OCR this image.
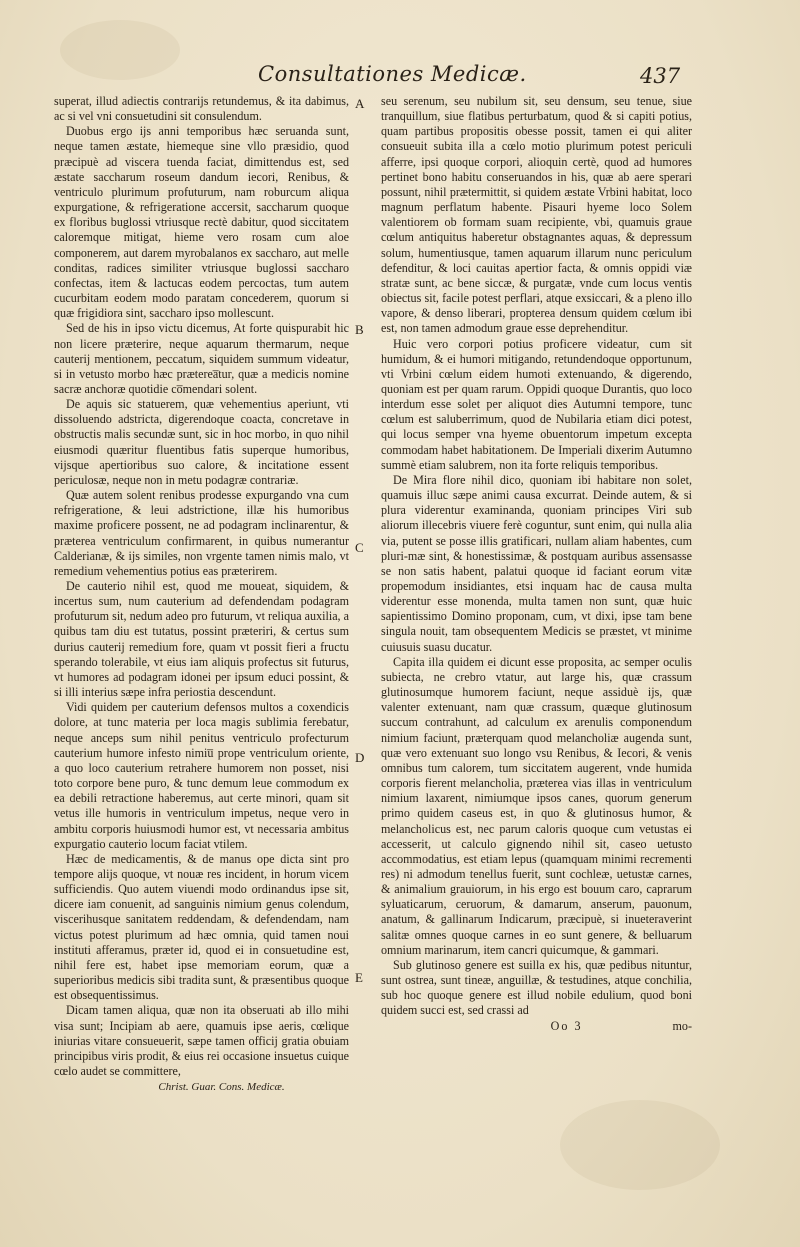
Consultationes Medicæ.	437
A
B
C
D
E

superat, illud adiectis contrarijs retundemus, & ita dabimus, ac si vel vni consuetudini sit consulendum.

Duobus ergo ijs anni temporibus hæc seruanda sunt, neque tamen æstate, hiemeque sine vllo præsidio, quod præcipuè ad viscera tuenda faciat, dimittendus est, sed æstate saccharum roseum dandum iecori, Renibus, & ventriculo plurimum profuturum, nam roburcum aliqua expurgatione, & refrigeratione accersit, saccharum quoque ex floribus buglossi vtriusque rectè dabitur, quod siccitatem caloremque mitigat, hieme vero rosam cum aloe componerem, aut darem myrobalanos ex saccharo, aut melle conditas, radices similiter vtriusque buglossi saccharo confectas, item & lactucas eodem percoctas, tum autem cucurbitam eodem modo paratam concederem, quorum si quæ frigidiora sint, saccharo ipso mollescunt.

Sed de his in ipso victu dicemus, At forte quispurabit hic non licere præterire, neque aquarum thermarum, neque cauterij mentionem, peccatum, siquidem summum videatur, si in vetusto morbo hæc præterea̅tur, quæ a medicis nomine sacræ anchoræ quotidie co̅mendari solent.

De aquis sic statuerem, quæ vehementius aperiunt, vti dissoluendo adstricta, digerendoque coacta, concretave in obstructis malis secundæ sunt, sic in hoc morbo, in quo nihil eiusmodi quæritur fluentibus fatis superque humoribus, vijsque apertioribus suo calore, & incitatione essent periculosæ, neque non in metu podagræ contrariæ.

Quæ autem solent renibus prodesse expurgando vna cum refrigeratione, & leui adstrictione, illæ his humoribus maxime proficere possent, ne ad podagram inclinarentur, & præterea ventriculum confirmarent, in quibus numerantur Calderianæ, & ijs similes, non vrgente tamen nimis malo, vt remedium vehementius potius eas præterirem.

De cauterio nihil est, quod me moueat, siquidem, & incertus sum, num cauterium ad defendendam podagram profuturum sit, nedum adeo pro futurum, vt reliqua auxilia, a quibus tam diu est tutatus, possint præteriri, & certus sum durius cauterij remedium fore, quam vt possit fieri a fructu sperando tolerabile, vt eius iam aliquis profectus sit futurus, vt humores ad podagram idonei per ipsum educi possint, & si illi interius sæpe infra periostia descendunt.

Vidi quidem per cauterium defensos multos a coxendicis dolore, at tunc materia per loca magis sublimia ferebatur, neque anceps sum nihil penitus ventriculo profecturum cauterium humore infesto nimiu̅ prope ventriculum oriente, a quo loco cauterium retrahere humorem non posset, nisi toto corpore bene puro, & tunc demum leue commodum ex ea debili retractione haberemus, aut certe minori, quam sit vetus ille humoris in ventriculum impetus, neque vero in ambitu corporis huiusmodi humor est, vt necessaria ambitus expurgatio cauterio locum faciat vtilem.

Hæc de medicamentis, & de manus ope dicta sint pro tempore alijs quoque, vt nouæ res incident, in horum vicem sufficiendis. Quo autem viuendi modo ordinandus ipse sit, dicere iam conuenit, ad sanguinis nimium genus colendum, viscerihusque sanitatem reddendam, & defendendam, nam victus potest plurimum ad hæc omnia, quid tamen noui instituti afferamus, præter id, quod ei in consuetudine est, nihil fere est, habet ipse memoriam eorum, quæ a superioribus medicis sibi tradita sunt, & præsentibus quoque est obsequentissimus.

Dicam tamen aliqua, quæ non ita obseruati ab illo mihi visa sunt; Incipiam ab aere, quamuis ipse aeris, cœlique iniurias vitare consueuerit, sæpe tamen officij gratia obuiam principibus viris prodit, & eius rei occasione insuetus cuique cœlo audet se committere,

Christ. Guar. Cons. Medicæ.

seu serenum, seu nubilum sit, seu densum, seu tenue, siue tranquillum, siue flatibus perturbatum, quod & si capiti potius, quam partibus propositis obesse possit, tamen ei qui aliter consueuit subita illa a cœlo motio plurimum potest periculi afferre, ipsi quoque corpori, alioquin certè, quod ad humores pertinet bono habitu conseruandos in his, quæ ab aere sperari possunt, nihil prætermittit, si quidem æstate Vrbini habitat, loco magnum perflatum habente. Pisauri hyeme loco Solem valentiorem ob formam suam recipiente, vbi, quamuis graue cœlum antiquitus haberetur obstagnantes aquas, & depressum solum, humentiusque, tamen aquarum illarum nunc periculum defenditur, & loci cauitas apertior facta, & omnis oppidi viæ stratæ sunt, ac bene siccæ, & purgatæ, vnde cum locus ventis obiectus sit, facile potest perflari, atque exsiccari, & a pleno illo vapore, & denso liberari, propterea densum quidem cœlum ibi est, non tamen admodum graue esse deprehenditur.

Huic vero corpori potius proficere videatur, cum sit humidum, & ei humori mitigando, retundendoque opportunum, vti Vrbini cœlum eidem humoti extenuando, & digerendo, quoniam est per quam rarum. Oppidi quoque Durantis, quo loco interdum esse solet per aliquot dies Autumni tempore, tunc cœlum est saluberrimum, quod de Nubilaria etiam dici potest, qui locus semper vna hyeme obuentorum impetum excepta commodam habet habitationem. De Imperiali dixerim Autumno summè etiam salubrem, non ita forte reliquis temporibus.

De Mira flore nihil dico, quoniam ibi habitare non solet, quamuis illuc sæpe animi causa excurrat. Deinde autem, & si plura viderentur examinanda, quoniam principes Viri sub aliorum illecebris viuere ferè coguntur, sunt enim, qui nulla alia via, putent se posse illis gratificari, nullam aliam habentes, cum pluri-mæ sint, & honestissimæ, & postquam auribus assensasse se non satis habent, palatui quoque id faciant eorum vitæ propemodum insidiantes, etsi inquam hac de causa multa viderentur esse monenda, multa tamen non sunt, quæ huic sapientissimo Domino proponam, cum, vt dixi, ipse tam bene singula nouit, tam obsequentem Medicis se præstet, vt minime cuiusuis suasu ducatur.

Capita illa quidem ei dicunt esse proposita, ac semper oculis subiecta, ne crebro vtatur, aut large his, quæ crassum glutinosumque humorem faciunt, neque assiduè ijs, quæ valenter extenuant, nam quæ crassum, quæque glutinosum succum contrahunt, ad calculum ex arenulis componendum nimium faciunt, præterquam quod melancholiæ augenda sunt, quæ vero extenuant suo longo vsu Renibus, & Iecori, & venis omnibus tum calorem, tum siccitatem augerent, vnde humida corporis fierent melancholia, præterea vias illas in ventriculum nimium laxarent, nimiumque ipsos canes, quorum generum primo quidem caseus est, in quo & glutinosus humor, & melancholicus est, nec parum caloris quoque cum vetustas ei accesserit, ut calculo gignendo nihil sit, caseo uetusto accommodatius, est etiam lepus (quamquam minimi recrementi res) ni admodum tenellus fuerit, sunt cochleæ, uetustæ carnes, & animalium grauiorum, in his ergo est bouum caro, caprarum syluaticarum, ceruorum, & damarum, anserum, pauonum, anatum, & gallinarum Indicarum, præcipuè, si inueteraverint salitæ omnes quoque carnes in eo sunt genere, & belluarum omnium marinarum, item cancri quicumque, & gammari.

Sub glutinoso genere est suilla ex his, quæ pedibus nituntur, sunt ostrea, sunt tineæ, anguillæ, & testudines, atque conchilia, sub hoc quoque genere est illud nobile edulium, quod boni quidem succi est, sed crassi ad

Oo 3	mo-
